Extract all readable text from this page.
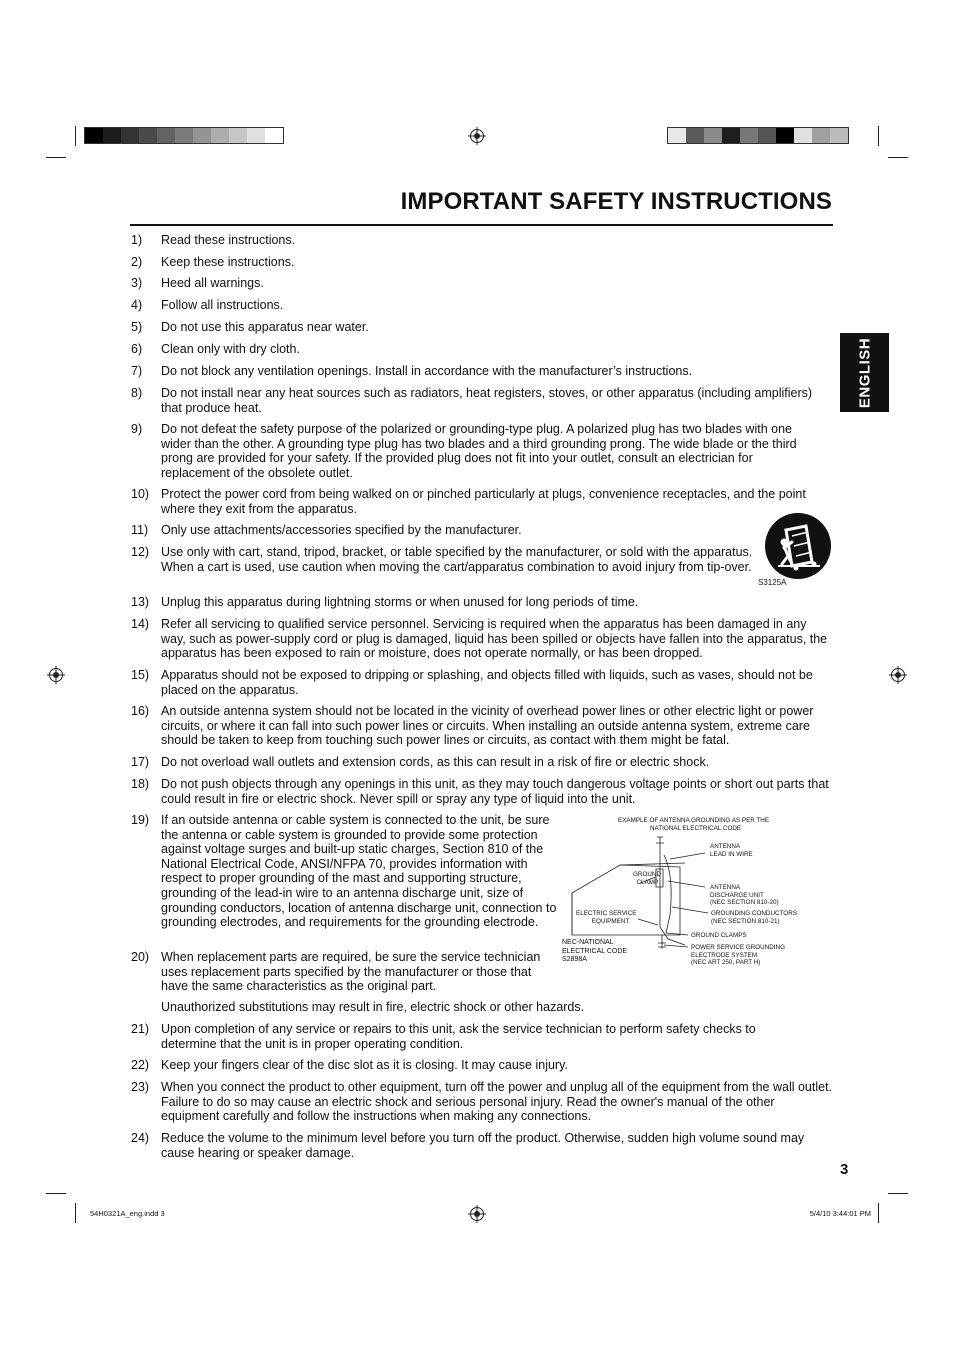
IMPORTANT SAFETY INSTRUCTIONS
ENGLISH
1)	Read these instructions.
2)	Keep these instructions.
3)	Heed all warnings.
4)	Follow all instructions.
5)	Do not use this apparatus near water.
6)	Clean only with dry cloth.
7)	Do not block any ventilation openings. Install in accordance with the manufacturer’s instructions.
8)	Do not install near any heat sources such as radiators, heat registers, stoves, or other apparatus (including amplifiers) that produce heat.
9)	Do not defeat the safety purpose of the polarized or grounding-type plug. A polarized plug has two blades with one wider than the other. A grounding type plug has two blades and a third grounding prong. The wide blade or the third prong are provided for your safety. If the provided plug does not fit into your outlet, consult an electrician for replacement of the obsolete outlet.
10) Protect the power cord from being walked on or pinched particularly at plugs, convenience receptacles, and the point where they exit from the apparatus.
11)	Only use attachments/accessories specified by the manufacturer.
12) Use only with cart, stand, tripod, bracket, or table specified by the manufacturer, or sold with the apparatus. When a cart is used, use caution when moving the cart/apparatus combination to avoid injury from tip-over.
13) Unplug this apparatus during lightning storms or when unused for long periods of time.
14) Refer all servicing to qualified service personnel. Servicing is required when the apparatus has been damaged in any way, such as power-supply cord or plug is damaged, liquid has been spilled or objects have fallen into the apparatus, the apparatus has been exposed to rain or moisture, does not operate normally, or has been dropped.
15) Apparatus should not be exposed to dripping or splashing, and objects filled with liquids, such as vases, should not be placed on the apparatus.
16) An outside antenna system should not be located in the vicinity of overhead power lines or other electric light or power circuits, or where it can fall into such power lines or circuits. When installing an outside antenna system, extreme care should be taken to keep from touching such power lines or circuits, as contact with them might be fatal.
17) Do not overload wall outlets and extension cords, as this can result in a risk of fire or electric shock.
18) Do not push objects through any openings in this unit, as they may touch dangerous voltage points or short out parts that could result in fire or electric shock. Never spill or spray any type of liquid into the unit.
19) If an outside antenna or cable system is connected to the unit, be sure the antenna or cable system is grounded to provide some protection against voltage surges and built-up static charges, Section 810 of the National Electrical Code, ANSI/NFPA 70, provides information with respect to proper grounding of the mast and supporting structure, grounding of the lead-in wire to an antenna discharge unit, size of grounding conductors, location of antenna discharge unit, connection to grounding electrodes, and requirements for the grounding electrode.
20) When replacement parts are required, be sure the service technician uses replacement parts specified by the manufacturer or those that have the same characteristics as the original part.
Unauthorized substitutions may result in fire, electric shock or other hazards.
21) Upon completion of any service or repairs to this unit, ask the service technician to perform safety checks to determine that the unit is in proper operating condition.
22) Keep your fingers clear of the disc slot as it is closing. It may cause injury.
23) When you connect the product to other equipment, turn off the power and unplug all of the equipment from the wall outlet. Failure to do so may cause an electric shock and serious personal injury. Read the owner's manual of the other equipment carefully and follow the instructions when making any connections.
24) Reduce the volume to the minimum level before you turn off the product. Otherwise, sudden high volume sound may cause hearing or speaker damage.
S3125A
EXAMPLE OF ANTENNA GROUNDING AS PER THE
NATIONAL ELECTRICAL CODE
ANTENNA
LEAD IN WIRE
GROUND
CLAMP
ANTENNA
DISCHARGE UNIT
(NEC SECTION 810-20)
ELECTRIC SERVICE
EQUIPMENT
GROUNDING CONDUCTORS
(NEC SECTION 810-21)
GROUND CLAMPS
NEC-NATIONAL
ELECTRICAL CODE
S2898A
POWER SERVICE GROUNDING
ELECTRODE SYSTEM
(NEC ART 250, PART H)
3
54H0321A_eng.indd 3	5/4/10 3:44:01 PM
